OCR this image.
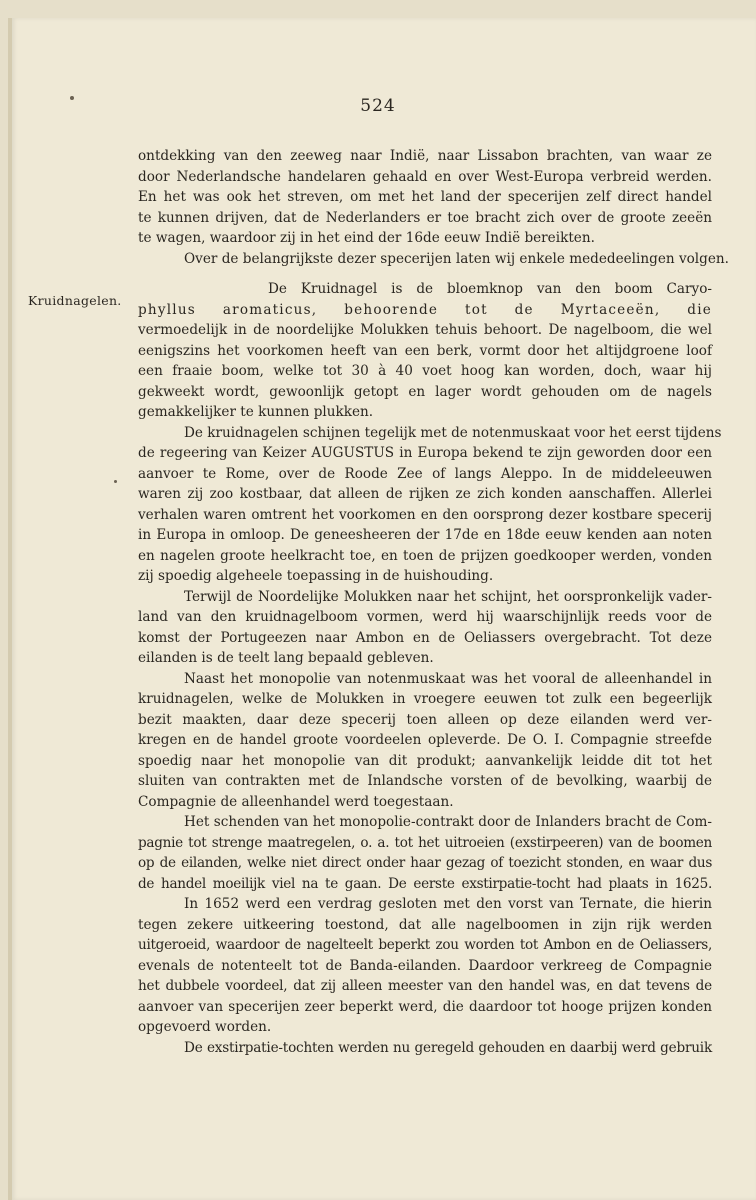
524
ontdekking van den zeeweg naar Indië, naar Lissabon brachten, van waar ze
door Nederlandsche handelaren gehaald en over West-Europa verbreid werden.
En het was ook het streven, om met het land der specerijen zelf direct handel
te kunnen drijven, dat de Nederlanders er toe bracht zich over de groote zeeën
te wagen, waardoor zij in het eind der 16de eeuw Indië bereikten.
Over de belangrijkste dezer specerijen laten wij enkele mededeelingen volgen.
Kruidnagelen.
De Kruidnagel is de bloemknop van den boom Caryo-
phyllus aromaticus, behoorende tot de Myrtaceeën, die
vermoedelijk in de noordelijke Molukken tehuis behoort. De nagelboom, die wel
eenigszins het voorkomen heeft van een berk, vormt door het altijdgroene loof
een fraaie boom, welke tot 30 à 40 voet hoog kan worden, doch, waar hij
gekweekt wordt, gewoonlijk getopt en lager wordt gehouden om de nagels
gemakkelijker te kunnen plukken.
De kruidnagelen schijnen tegelijk met de notenmuskaat voor het eerst tijdens
de regeering van Keizer AUGUSTUS in Europa bekend te zijn geworden door een
aanvoer te Rome, over de Roode Zee of langs Aleppo. In de middeleeuwen
waren zij zoo kostbaar, dat alleen de rijken ze zich konden aanschaffen. Allerlei
verhalen waren omtrent het voorkomen en den oorsprong dezer kostbare specerij
in Europa in omloop. De geneesheeren der 17de en 18de eeuw kenden aan noten
en nagelen groote heelkracht toe, en toen de prijzen goedkooper werden, vonden
zij spoedig algeheele toepassing in de huishouding.
Terwijl de Noordelijke Molukken naar het schijnt, het oorspronkelijk vader-
land van den kruidnagelboom vormen, werd hij waarschijnlijk reeds voor de
komst der Portugeezen naar Ambon en de Oeliassers overgebracht. Tot deze
eilanden is de teelt lang bepaald gebleven.
Naast het monopolie van notenmuskaat was het vooral de alleenhandel in
kruidnagelen, welke de Molukken in vroegere eeuwen tot zulk een begeerlijk
bezit maakten, daar deze specerij toen alleen op deze eilanden werd ver-
kregen en de handel groote voordeelen opleverde. De O. I. Compagnie streefde
spoedig naar het monopolie van dit produkt; aanvankelijk leidde dit tot het
sluiten van contrakten met de Inlandsche vorsten of de bevolking, waarbij de
Compagnie de alleenhandel werd toegestaan.
Het schenden van het monopolie-contrakt door de Inlanders bracht de Com-
pagnie tot strenge maatregelen, o. a. tot het uitroeien (exstirpeeren) van de boomen
op de eilanden, welke niet direct onder haar gezag of toezicht stonden, en waar dus
de handel moeilijk viel na te gaan. De eerste exstirpatie-tocht had plaats in 1625.
In 1652 werd een verdrag gesloten met den vorst van Ternate, die hierin
tegen zekere uitkeering toestond, dat alle nagelboomen in zijn rijk werden
uitgeroeid, waardoor de nagelteelt beperkt zou worden tot Ambon en de Oeliassers,
evenals de notenteelt tot de Banda-eilanden. Daardoor verkreeg de Compagnie
het dubbele voordeel, dat zij alleen meester van den handel was, en dat tevens de
aanvoer van specerijen zeer beperkt werd, die daardoor tot hooge prijzen konden
opgevoerd worden.
De exstirpatie-tochten werden nu geregeld gehouden en daarbij werd gebruik
